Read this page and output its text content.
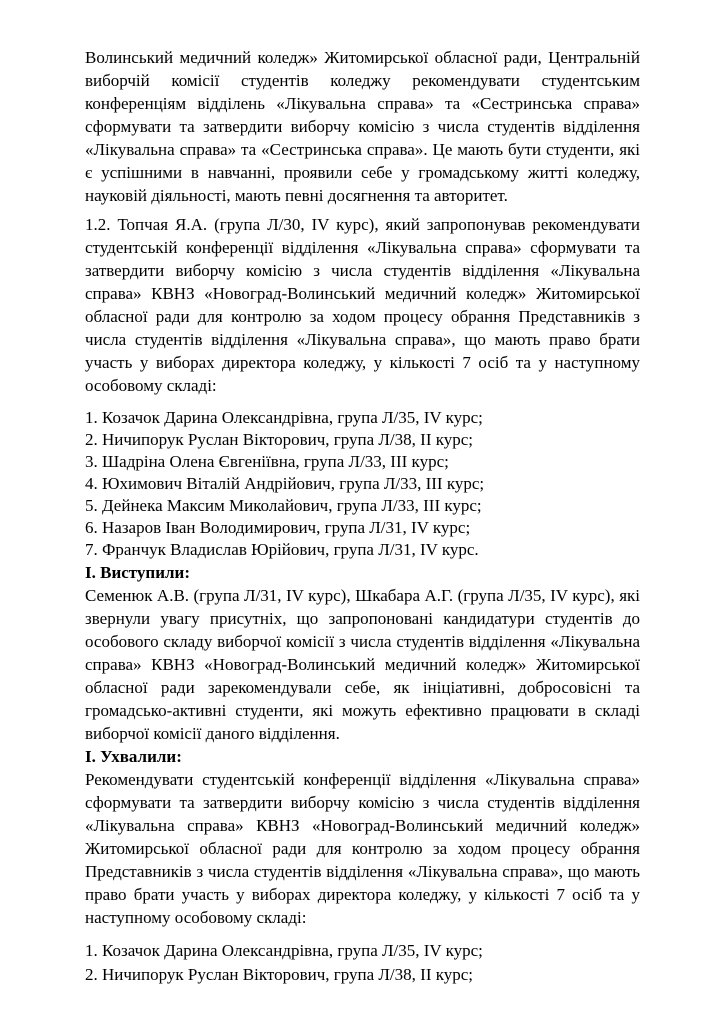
Волинський медичний коледж» Житомирської обласної ради, Центральній виборчій комісії студентів коледжу рекомендувати студентським конференціям відділень «Лікувальна справа» та «Сестринська справа» сформувати та затвердити виборчу комісію з числа студентів відділення «Лікувальна справа» та «Сестринська справа». Це мають бути студенти, які є успішними в навчанні, проявили себе у громадському житті коледжу, науковій діяльності, мають певні досягнення та авторитет.

1.2. Топчая Я.А. (група Л/30, IV курс), який запропонував рекомендувати студентській конференції відділення «Лікувальна справа» сформувати та затвердити виборчу комісію з числа студентів відділення «Лікувальна справа» КВНЗ «Новоград-Волинський медичний коледж» Житомирської обласної ради для контролю за ходом процесу обрання Представників з числа студентів відділення «Лікувальна справа», що мають право брати участь у виборах директора коледжу, у кількості 7 осіб та у наступному особовому складі:

1. Козачок Дарина Олександрівна, група Л/35, IV курс;
2. Ничипорук Руслан Вікторович, група Л/38, II курс;
3. Шадріна Олена Євгеніївна, група Л/33, III курс;
4. Юхимович Віталій Андрійович, група Л/33, III курс;
5. Дейнека Максим Миколайович, група Л/33, III курс;
6. Назаров Іван Володимирович, група Л/31, IV курс;
7. Франчук Владислав Юрійович, група Л/31, IV курс.
І. Виступили:

Семенюк А.В. (група Л/31, IV курс), Шкабара А.Г. (група Л/35, IV курс), які звернули увагу присутніх, що запропоновані кандидатури студентів до особового складу виборчої комісії з числа студентів відділення «Лікувальна справа» КВНЗ «Новоград-Волинський медичний коледж» Житомирської обласної ради зарекомендували себе, як ініціативні, добросовісні та громадсько-активні студенти, які можуть ефективно працювати в складі виборчої комісії даного відділення.

І. Ухвалили:

Рекомендувати студентській конференції відділення «Лікувальна справа» сформувати та затвердити виборчу комісію з числа студентів відділення «Лікувальна справа» КВНЗ «Новоград-Волинський медичний коледж» Житомирської обласної ради для контролю за ходом процесу обрання Представників з числа студентів відділення «Лікувальна справа», що мають право брати участь у виборах директора коледжу, у кількості 7 осіб та у наступному особовому складі:

1. Козачок Дарина Олександрівна, група Л/35, IV курс;
2. Ничипорук Руслан Вікторович, група Л/38, II курс;
